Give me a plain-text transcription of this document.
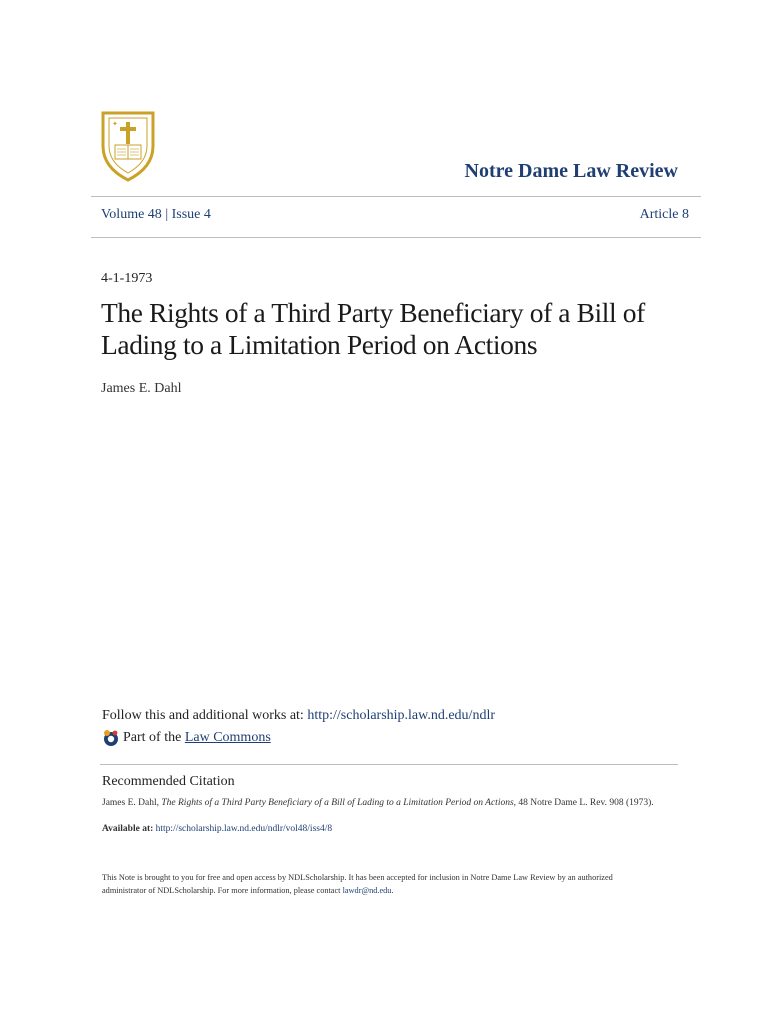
✦
Notre Dame Law Review
Volume 48 | Issue 4	Article 8
4-1-1973
The Rights of a Third Party Beneficiary of a Bill of Lading to a Limitation Period on Actions
James E. Dahl
Follow this and additional works at: http://scholarship.law.nd.edu/ndlr
Part of the
Law Commons
Recommended Citation
James E. Dahl, The Rights of a Third Party Beneficiary of a Bill of Lading to a Limitation Period on Actions, 48 Notre Dame L. Rev. 908 (1973).
Available at: http://scholarship.law.nd.edu/ndlr/vol48/iss4/8
This Note is brought to you for free and open access by NDLScholarship. It has been accepted for inclusion in Notre Dame Law Review by an authorized administrator of NDLScholarship. For more information, please contact lawdr@nd.edu.
